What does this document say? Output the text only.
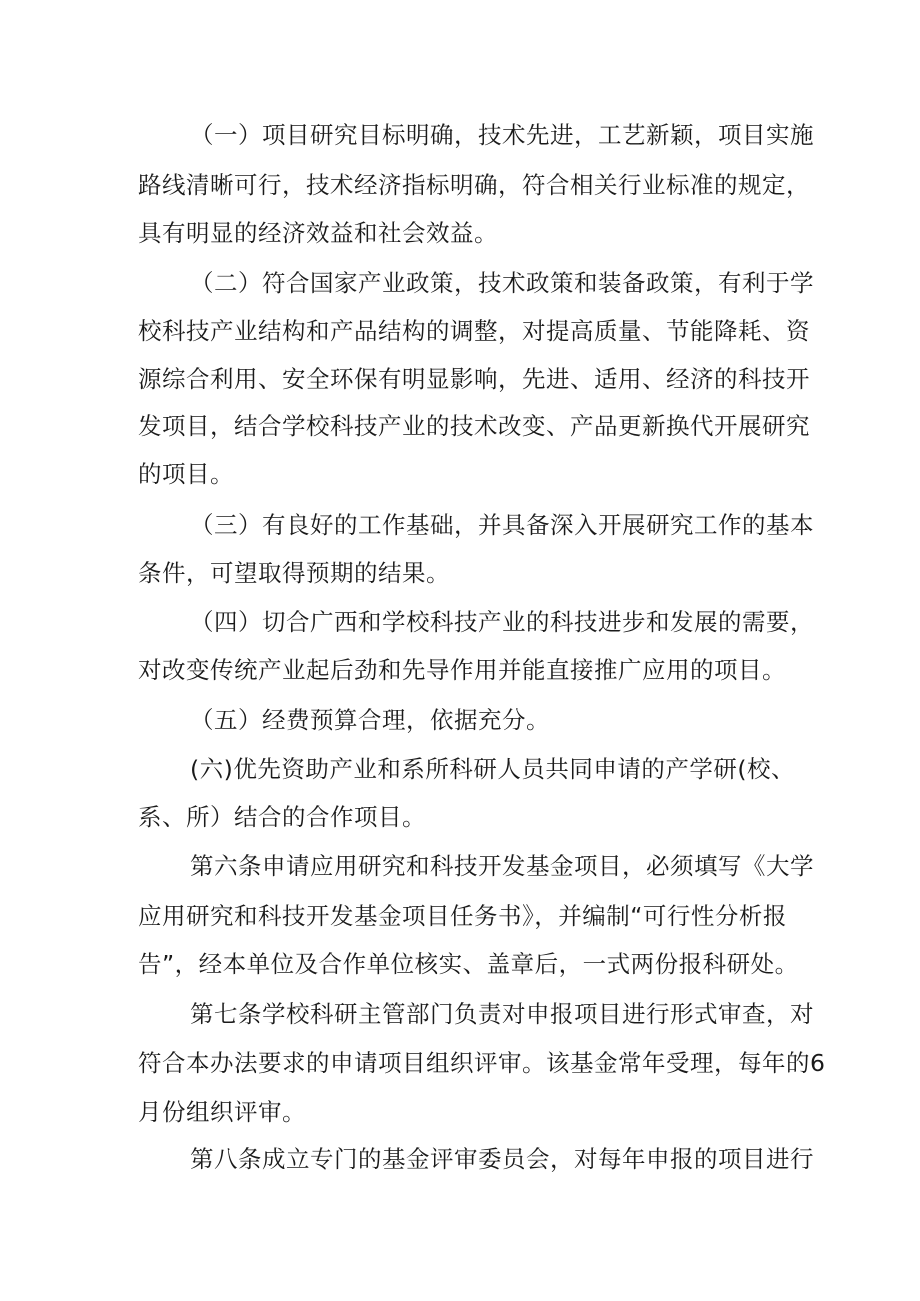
（一）项目研究目标明确，技术先进，工艺新颖，项目实施
路线清晰可行，技术经济指标明确，符合相关行业标准的规定，
具有明显的经济效益和社会效益。
（二）符合国家产业政策，技术政策和装备政策，有利于学
校科技产业结构和产品结构的调整，对提高质量、节能降耗、资
源综合利用、安全环保有明显影响，先进、适用、经济的科技开
发项目，结合学校科技产业的技术改变、产品更新换代开展研究
的项目。
（三）有良好的工作基础，并具备深入开展研究工作的基本
条件，可望取得预期的结果。
（四）切合广西和学校科技产业的科技进步和发展的需要，
对改变传统产业起后劲和先导作用并能直接推广应用的项目。
（五）经费预算合理，依据充分。
(六)优先资助产业和系所科研人员共同申请的产学研(校、
系、所）结合的合作项目。
第六条申请应用研究和科技开发基金项目，必须填写《大学
应用研究和科技开发基金项目任务书》，并编制“可行性分析报
告”，经本单位及合作单位核实、盖章后，一式两份报科研处。
第七条学校科研主管部门负责对申报项目进行形式审查，对
符合本办法要求的申请项目组织评审。该基金常年受理，每年的6
月份组织评审。
第八条成立专门的基金评审委员会，对每年申报的项目进行
